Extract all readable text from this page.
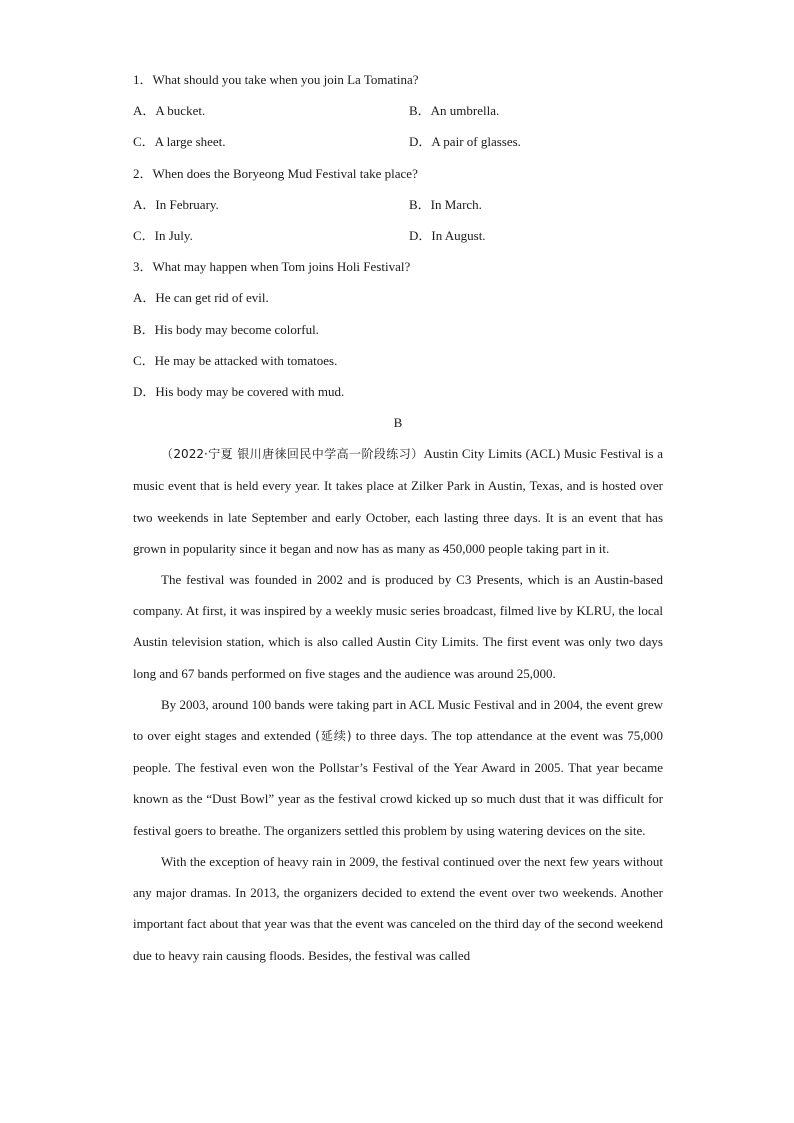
1．What should you take when you join La Tomatina?
A．A bucket.	B．An umbrella.
C．A large sheet.	D．A pair of glasses.
2．When does the Boryeong Mud Festival take place?
A．In February.	B．In March.
C．In July.	D．In August.
3．What may happen when Tom joins Holi Festival?
A．He can get rid of evil.
B．His body may become colorful.
C．He may be attacked with tomatoes.
D．His body may be covered with mud.
B

（2022·宁夏 银川唐徕回民中学高一阶段练习）Austin City Limits (ACL) Music Festival is a music event that is held every year. It takes place at Zilker Park in Austin, Texas, and is hosted over two weekends in late September and early October, each lasting three days. It is an event that has grown in popularity since it began and now has as many as 450,000 people taking part in it.

The festival was founded in 2002 and is produced by C3 Presents, which is an Austin-based company. At first, it was inspired by a weekly music series broadcast, filmed live by KLRU, the local Austin television station, which is also called Austin City Limits. The first event was only two days long and 67 bands performed on five stages and the audience was around 25,000.

By 2003, around 100 bands were taking part in ACL Music Festival and in 2004, the event grew to over eight stages and extended (延续) to three days. The top attendance at the event was 75,000 people. The festival even won the Pollstar’s Festival of the Year Award in 2005. That year became known as the “Dust Bowl” year as the festival crowd kicked up so much dust that it was difficult for festival goers to breathe. The organizers settled this problem by using watering devices on the site.

With the exception of heavy rain in 2009, the festival continued over the next few years without any major dramas. In 2013, the organizers decided to extend the event over two weekends. Another important fact about that year was that the event was canceled on the third day of the second weekend due to heavy rain causing floods. Besides, the festival was called
